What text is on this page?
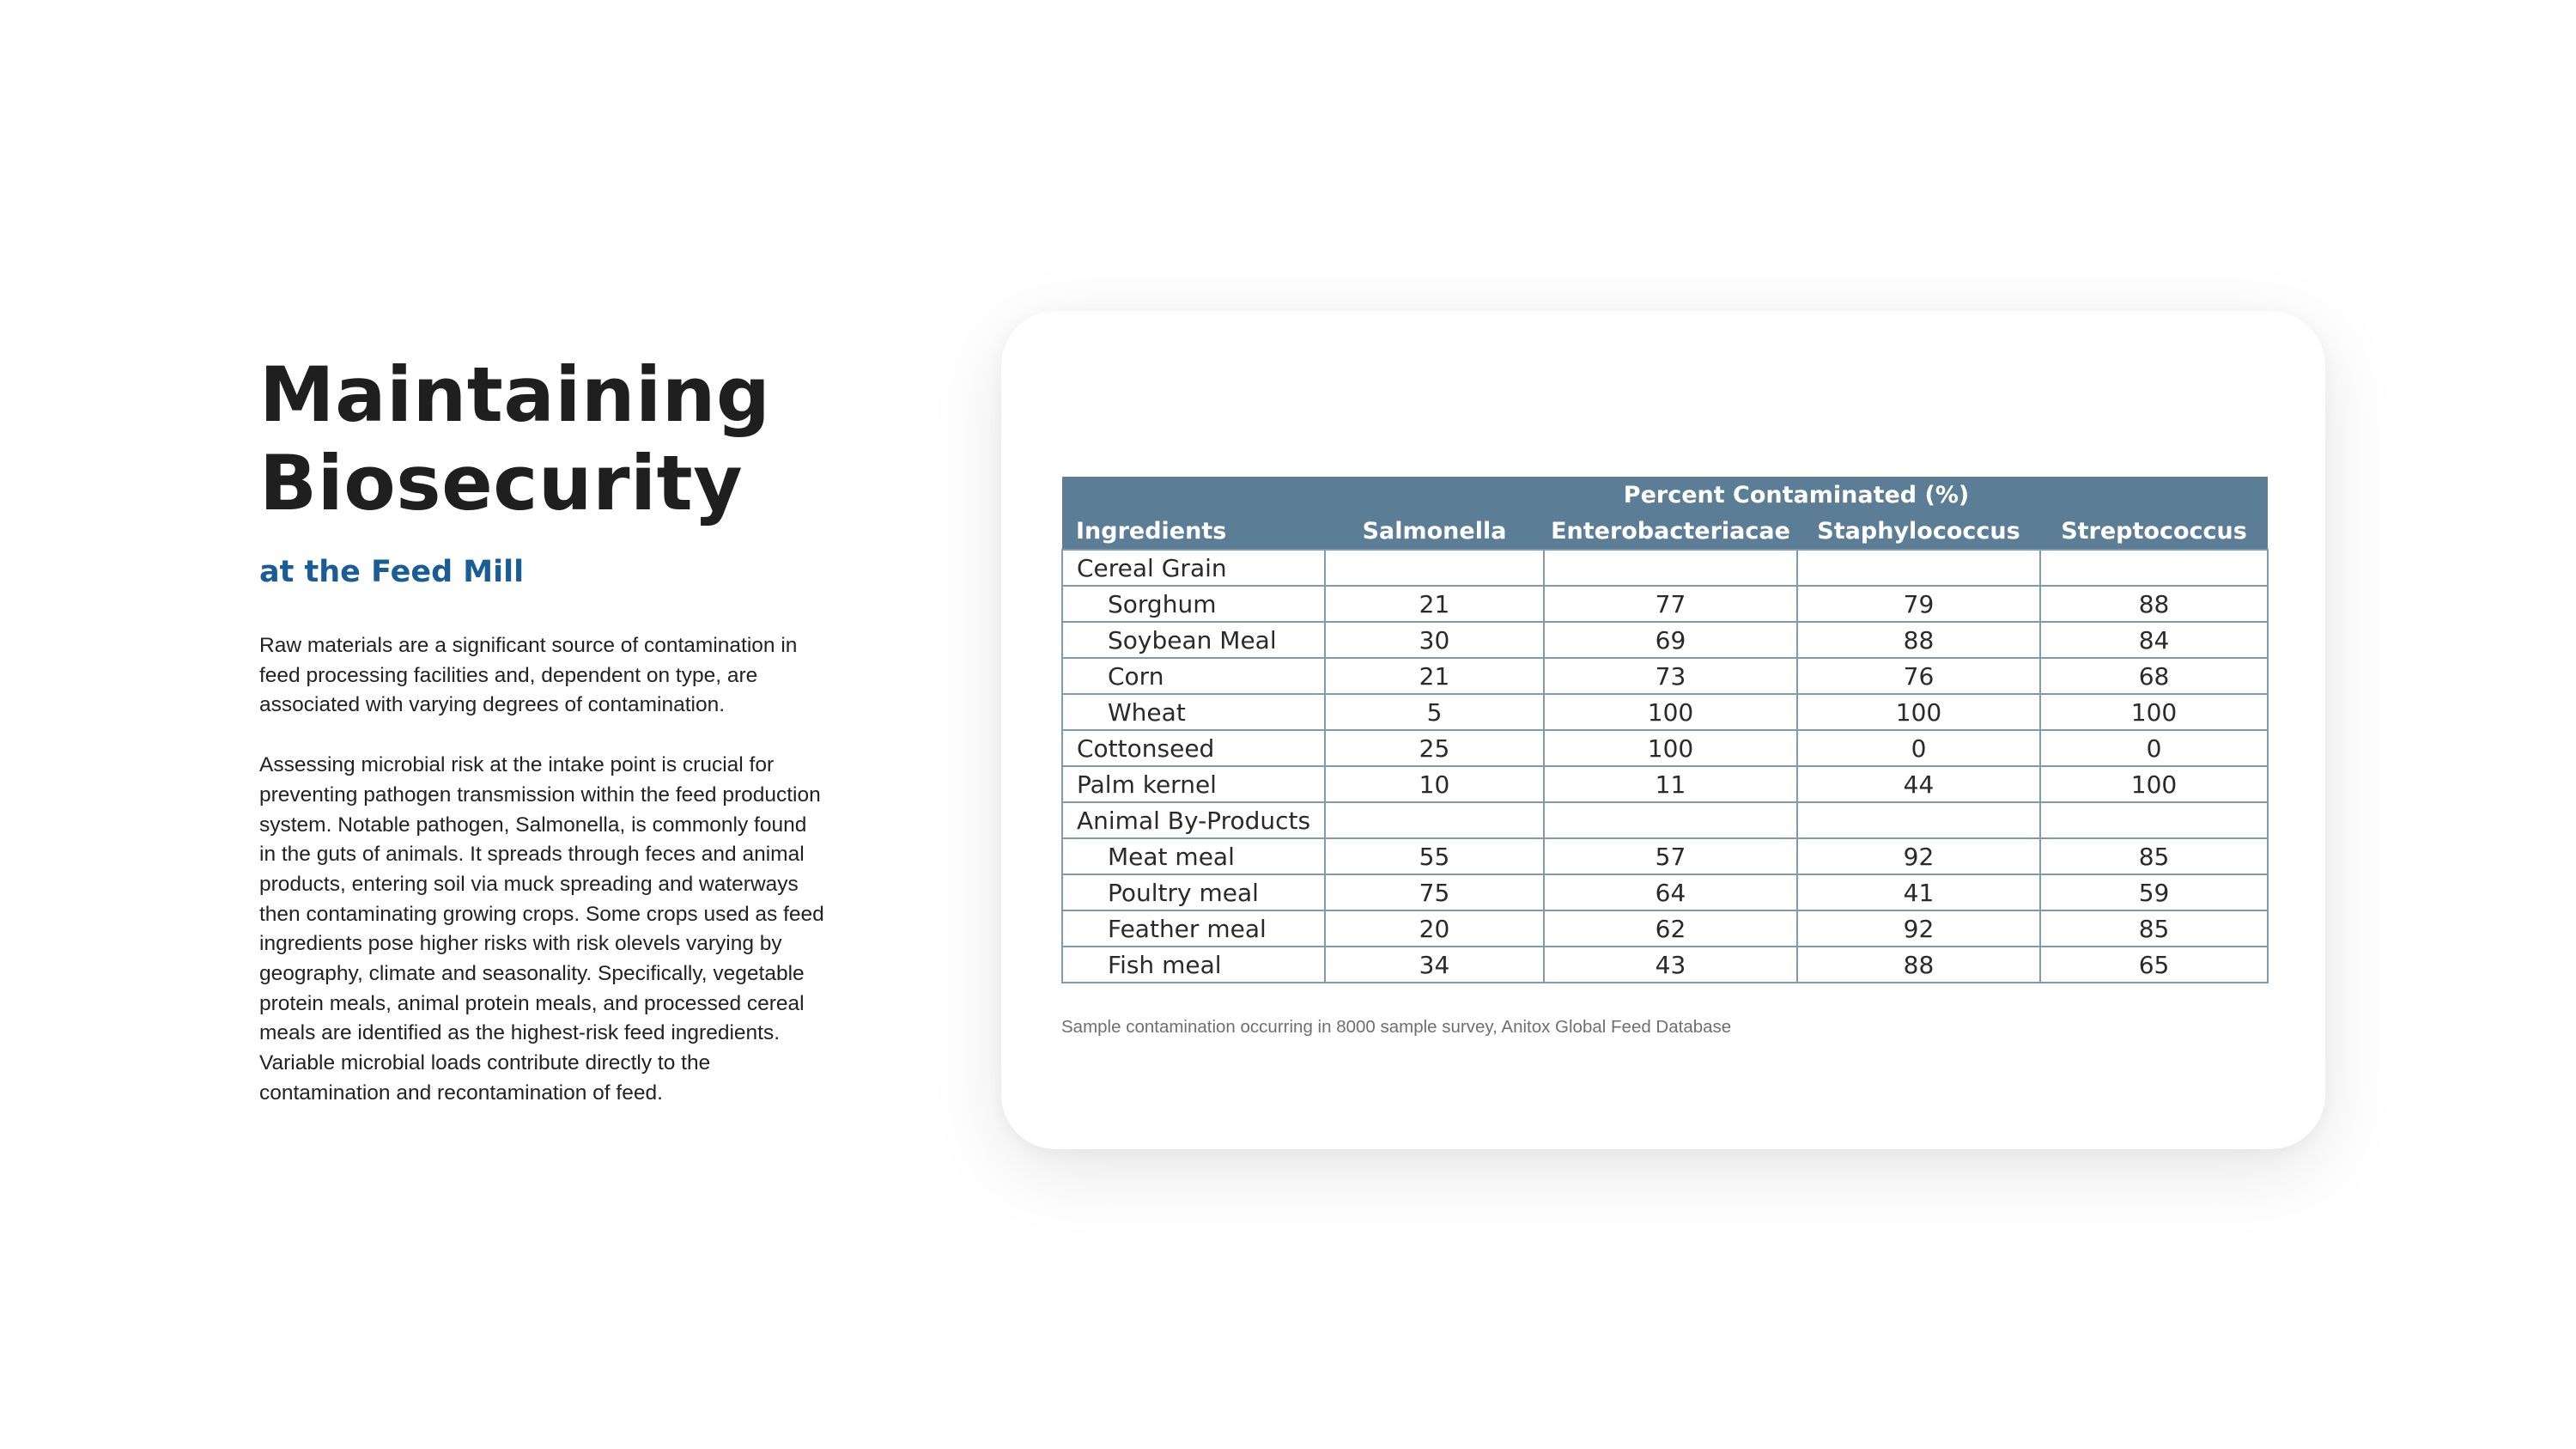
Maintaining
Biosecurity
at the Feed Mill

Raw materials are a significant source of contamination in feed processing facilities and, dependent on type, are associated with varying degrees of contamination.

Assessing microbial risk at the intake point is crucial for preventing pathogen transmission within the feed production system. Notable pathogen, Salmonella, is commonly found in the guts of animals. It spreads through feces and animal products, entering soil via muck spreading and waterways then contaminating growing crops. Some crops used as feed ingredients pose higher risks with risk olevels varying by geography, climate and seasonality. Specifically, vegetable protein meals, animal protein meals, and processed cereal meals are identified as the highest-risk feed ingredients. Variable microbial loads contribute directly to the contamination and recontamination of feed.

	Percent Contaminated (%)			
Ingredients	Salmonella	Enterobacteriacae	Staphylococcus	Streptococcus
Cereal Grain				
Sorghum	21	77	79	88
Soybean Meal	30	69	88	84
Corn	21	73	76	68
Wheat	5	100	100	100
Cottonseed	25	100	0	0
Palm kernel	10	11	44	100
Animal By-Products				
Meat meal	55	57	92	85
Poultry meal	75	64	41	59
Feather meal	20	62	92	85
Fish meal	34	43	88	65
Sample contamination occurring in 8000 sample survey, Anitox Global Feed Database
